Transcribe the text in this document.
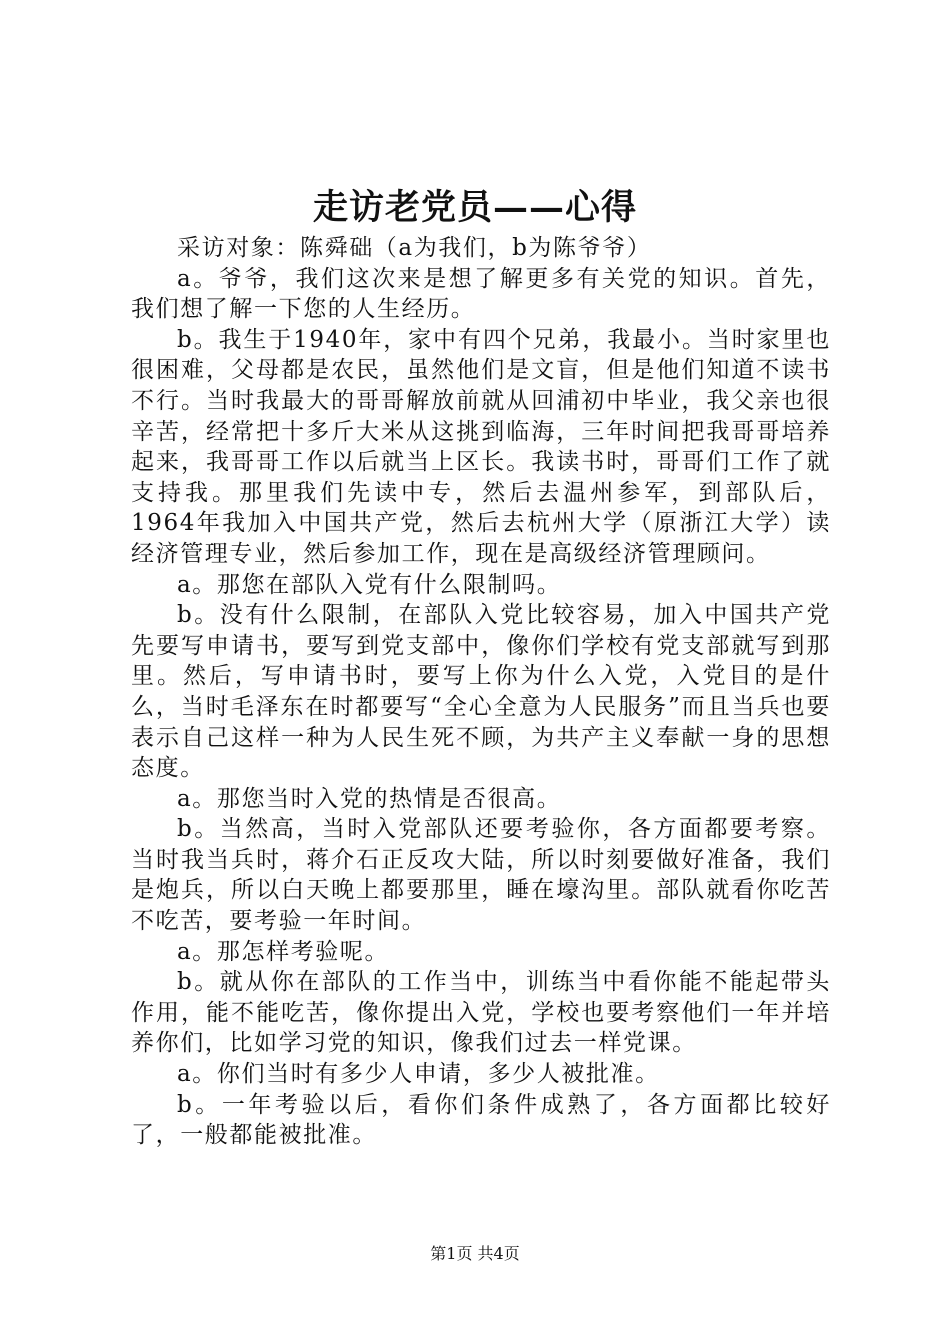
走访老党员——心得

采访对象：陈舜础（a为我们，b为陈爷爷）

a。爷爷，我们这次来是想了解更多有关党的知识。首先，我们想了解一下您的人生经历。

b。我生于1940年，家中有四个兄弟，我最小。当时家里也很困难，父母都是农民，虽然他们是文盲，但是他们知道不读书不行。当时我最大的哥哥解放前就从回浦初中毕业，我父亲也很辛苦，经常把十多斤大米从这挑到临海，三年时间把我哥哥培养起来，我哥哥工作以后就当上区长。我读书时，哥哥们工作了就支持我。那里我们先读中专，然后去温州参军，到部队后，1964年我加入中国共产党，然后去杭州大学（原浙江大学）读经济管理专业，然后参加工作，现在是高级经济管理顾问。

a。那您在部队入党有什么限制吗。

b。没有什么限制，在部队入党比较容易，加入中国共产党先要写申请书，要写到党支部中，像你们学校有党支部就写到那里。然后，写申请书时，要写上你为什么入党，入党目的是什么，当时毛泽东在时都要写“全心全意为人民服务”而且当兵也要表示自己这样一种为人民生死不顾，为共产主义奉献一身的思想态度。

a。那您当时入党的热情是否很高。

b。当然高，当时入党部队还要考验你，各方面都要考察。当时我当兵时，蒋介石正反攻大陆，所以时刻要做好准备，我们是炮兵，所以白天晚上都要那里，睡在壕沟里。部队就看你吃苦不吃苦，要考验一年时间。

a。那怎样考验呢。

b。就从你在部队的工作当中，训练当中看你能不能起带头作用，能不能吃苦，像你提出入党，学校也要考察他们一年并培养你们，比如学习党的知识，像我们过去一样党课。

a。你们当时有多少人申请，多少人被批准。

b。一年考验以后，看你们条件成熟了，各方面都比较好了，一般都能被批准。

第1页 共4页
